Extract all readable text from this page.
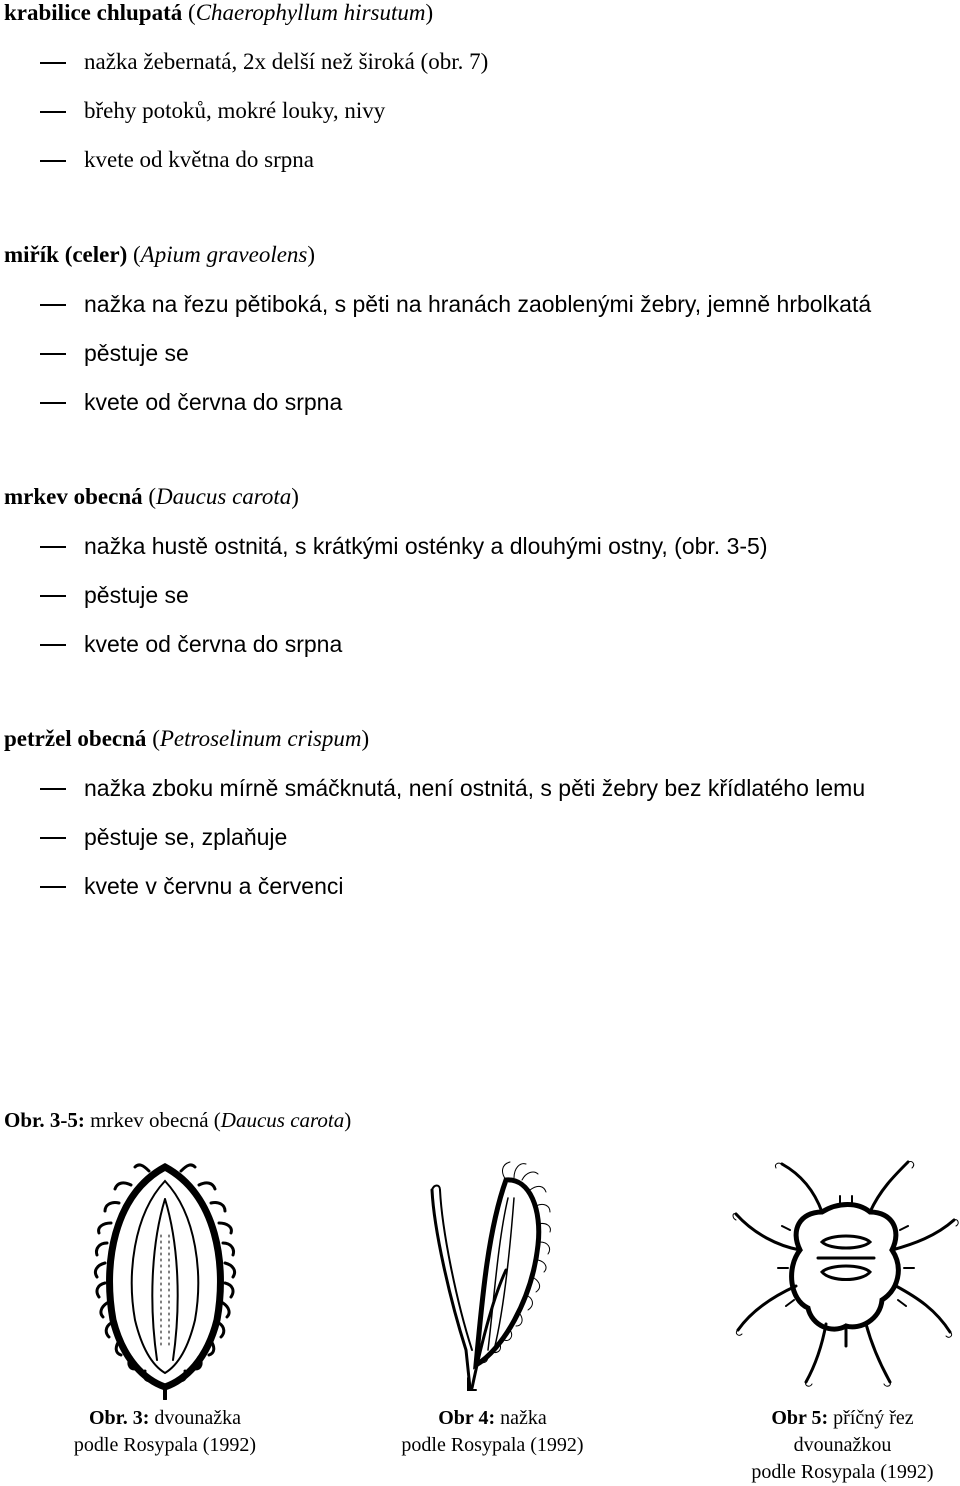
krabilice chlupatá (Chaerophyllum hirsutum)
nažka žebernatá, 2x delší než široká (obr. 7)
břehy potoků, mokré louky, nivy
kvete od května do srpna
miřík (celer) (Apium graveolens)
nažka na řezu pětiboká, s pěti na hranách zaoblenými žebry, jemně hrbolkatá
pěstuje se
kvete od června do srpna
mrkev obecná (Daucus carota)
nažka hustě ostnitá, s krátkými osténky a dlouhými ostny, (obr. 3-5)
pěstuje se
kvete od června do srpna
petržel obecná (Petroselinum crispum)
nažka zboku mírně smáčknutá, není ostnitá, s pěti žebry bez křídlatého lemu
pěstuje se, zplaňuje
kvete v červnu a červenci
Obr. 3-5: mrkev obecná (Daucus carota)
Obr. 3: dvounažka
podle Rosypala (1992)
Obr 4: nažka
podle Rosypala (1992)
Obr 5: příčný řez
dvounažkou
podle Rosypala (1992)
